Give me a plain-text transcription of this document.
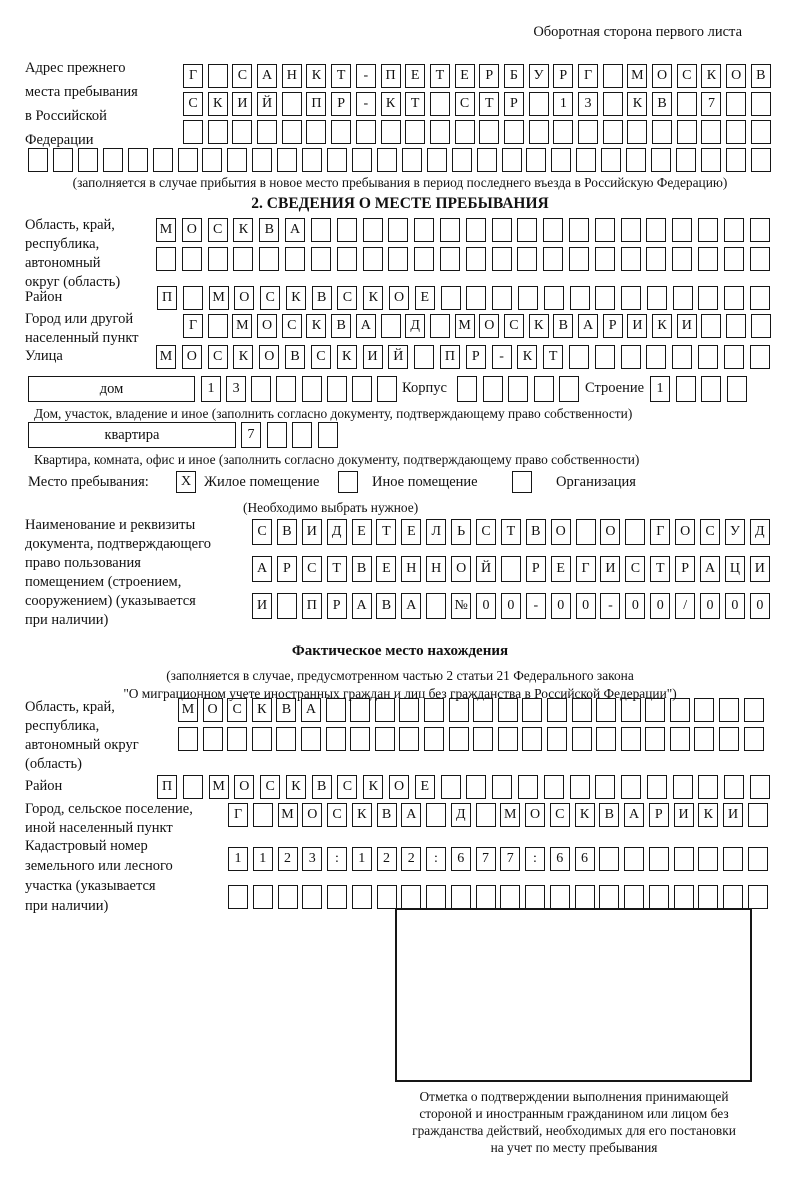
Оборотная сторона первого листа
Адрес прежнего
места пребывания
в Российской
Федерации
Г	С	А	Н	К	Т	-	П	Е	Т	Е	Р	Б	У	Р	Г	М О	С	К	О	В
С	К	И	Й	П	Р	-	К	Т	С	Т	Р	1	3	К	В	7
(заполняется в случае прибытия в новое место пребывания в период последнего въезда в Российскую Федерацию)
2. СВЕДЕНИЯ О МЕСТЕ ПРЕБЫВАНИЯ
Область, край,
республика,
автономный
округ (область)
М	О	С	К	В	А
Район	П	М	О	С	К	В	С	К	О	Е
Город или другой
населенный пункт
Г	М О	С	К	В	А	Д	М О	С	К	В	А	Р	И	К	И
Улица	М	О	С	К	О	В	С	К	И	Й	П	Р	-	К	Т
дом	1	3	Корпус	Строение 1
Дом, участок, владение и иное (заполнить согласно документу, подтверждающему право собственности)
квартира	7
Квартира, комната, офис и иное (заполнить согласно документу, подтверждающему право собственности)
Место пребывания:	X Жилое помещение	Иное помещение	Организация
(Необходимо выбрать нужное)
Наименование и реквизиты
документа, подтверждающего
право пользования
помещением (строением,
сооружением) (указывается
при наличии)
С	В	И	Д	Е	Т	Е	Л	Ь	С	Т	В	О	О	Г	О	С	У	Д
А	Р	С	Т	В	Е	Н	Н	О	Й	Р	Е	Г	И	С	Т	Р	А	Ц	И
И	П	Р	А	В	А	№	0	0	-	0	0	-	0	0	/	0	0	0
Фактическое место нахождения
(заполняется в случае, предусмотренном частью 2 статьи 21 Федерального закона
"О миграционном учете иностранных граждан и лиц без гражданства в Российской Федерации")
Область, край,
республика,
автономный округ
(область)
М О	С	К	В	А
Район	П	М	О	С	К	В	С	К	О	Е
Город, сельское поселение,
иной населенный пункт
Г	М О	С	К	В	А	Д	М О	С	К	В	А	Р	И	К	И
Кадастровый номер
земельного или лесного
участка (указывается
при наличии)
1	1	2	3	:	1	2	2	:	6	7	7	:	6	6
Отметка о подтверждении выполнения принимающей
стороной и иностранным гражданином или лицом без
гражданства действий, необходимых для его постановки
на учет по месту пребывания
